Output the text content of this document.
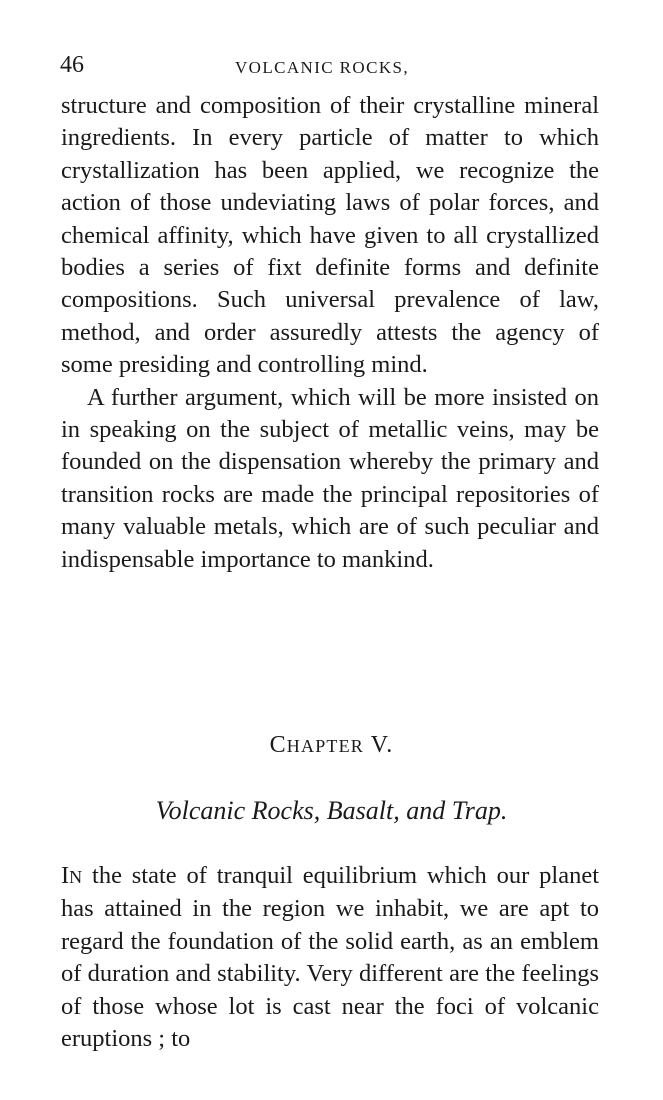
46	VOLCANIC ROCKS,

structure and composition of their crystalline mineral ingredients. In every particle of matter to which crystallization has been applied, we recognize the action of those undeviating laws of polar forces, and chemical affinity, which have given to all crystallized bodies a series of fixt definite forms and definite compositions. Such universal prevalence of law, method, and order assuredly attests the agency of some presiding and controlling mind.

A further argument, which will be more insisted on in speaking on the subject of metallic veins, may be founded on the dispensation whereby the primary and transition rocks are made the principal repositories of many valuable metals, which are of such peculiar and indispensable importance to mankind.

CHAPTER V.
Volcanic Rocks, Basalt, and Trap.
IN the state of tranquil equilibrium which our planet has attained in the region we inhabit, we are apt to regard the foundation of the solid earth, as an emblem of duration and stability. Very different are the feelings of those whose lot is cast near the foci of volcanic eruptions ; to
